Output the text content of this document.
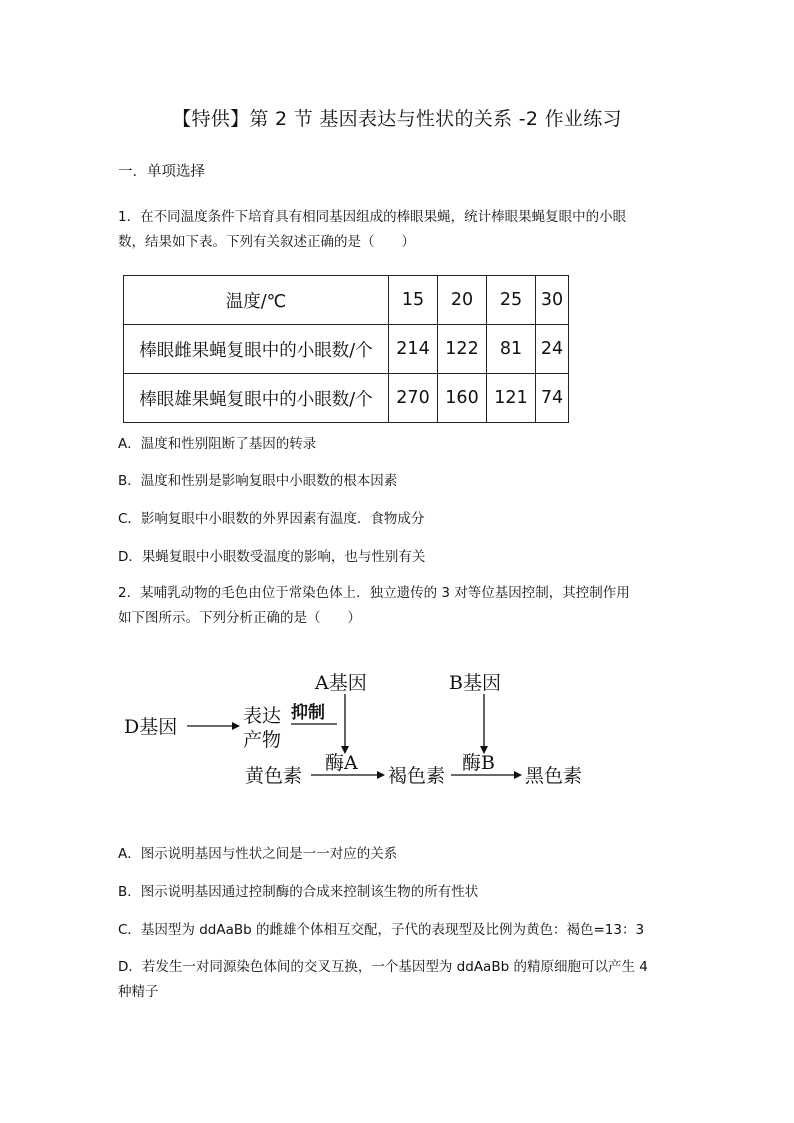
【特供】第 2 节 基因表达与性状的关系 -2 作业练习
一．单项选择
1．在不同温度条件下培育具有相同基因组成的棒眼果蝇，统计棒眼果蝇复眼中的小眼
数，结果如下表。下列有关叙述正确的是（　　）
温度/℃	15	20	25	30
棒眼雌果蝇复眼中的小眼数/个	214	122	81	24
棒眼雄果蝇复眼中的小眼数/个	270	160	121	74
A．温度和性别阻断了基因的转录
B．温度和性别是影响复眼中小眼数的根本因素
C．影响复眼中小眼数的外界因素有温度．食物成分
D．果蝇复眼中小眼数受温度的影响，也与性别有关
2．某哺乳动物的毛色由位于常染色体上．独立遗传的 3 对等位基因控制，其控制作用
如下图所示。下列分析正确的是（　　）
A基因	B基因
D基因	表达
产物
抑制
酶A	酶B
黄色素	褐色素	黑色素
A．图示说明基因与性状之间是一一对应的关系
B．图示说明基因通过控制酶的合成来控制该生物的所有性状
C．基因型为 ddAaBb 的雌雄个体相互交配，子代的表现型及比例为黄色：褐色=13：3
D．若发生一对同源染色体间的交叉互换，一个基因型为 ddAaBb 的精原细胞可以产生 4
种精子
